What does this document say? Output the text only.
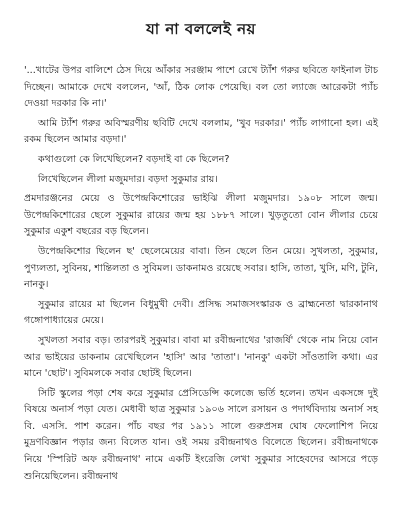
যা না বললেই নয়

'...খাটের উপর বালিশে ঠেস দিয়ে আঁকার সরঞ্জাম পাশে রেখে ট্যাঁশ গরুর ছবিতে ফাইনাল টাচ দিচ্ছেন। আমাকে দেখে বললেন, 'আঁ, ঠিক লোক পেয়েছি। বল তো ল্যাজে আরেকটা প্যাঁচ দেওয়া দরকার কি না।'

আমি ট্যাঁশ গরুর অবিস্মরণীয় ছবিটি দেখে বললাম, 'খুব দরকার।' প্যাঁচ লাগানো হল। এই রকম ছিলেন আমার বড়দা।'

কথাগুলো কে লিখেছিলেন? বড়দাই বা কে ছিলেন?

লিখেছিলেন লীলা মজুমদার। বড়দা সুকুমার রায়।

প্রমদারঞ্জনের মেয়ে ও উপেন্দ্রকিশোরের ভাইঝি লীলা মজুমদার। ১৯০৮ সালে জন্ম। উপেন্দ্রকিশোরের ছেলে সুকুমার রায়ের জন্ম হয় ১৮৮৭ সালে। খুড়তুতো বোন লীলার চেয়ে সুকুমার একুশ বছরের বড় ছিলেন।

উপেন্দ্রকিশোর ছিলেন ছ' ছেলেমেয়ের বাবা। তিন ছেলে তিন মেয়ে। সুখলতা, সুকুমার, পুণ্যলতা, সুবিনয়, শান্তিলতা ও সুবিমল। ডাকনামও রয়েছে সবার। হাসি, তাতা, খুসি, মণি, টুনি, নানকু।

সুকুমার রায়ের মা ছিলেন বিধুমুখী দেবী। প্রসিদ্ধ সমাজসংস্কারক ও ব্রাহ্মনেতা দ্বারকানাথ গঙ্গোপাধ্যায়ের মেয়ে।

সুখলতা সবার বড়। তারপরই সুকুমার। বাবা মা রবীন্দ্রনাথের 'রাজর্ষি' থেকে নাম নিয়ে বোন আর ভাইয়ের ডাকনাম রেখেছিলেন 'হাসি' আর 'তাতা'। 'নানকু' একটা সাঁওতালি কথা। এর মানে 'ছোট'। সুবিমলকে সবার ছোটই ছিলেন।

সিটি স্কুলের পড়া শেষ করে সুকুমার প্রেসিডেন্সি কলেজে ভর্তি হলেন। তখন একসঙ্গে দুই বিষয়ে অনার্স পড়া যেত। মেধাবী ছাত্র সুকুমার ১৯০৬ সালে রসায়ন ও পদার্থবিদ্যায় অনার্স সহ বি. এসসি. পাশ করেন। পাঁচ বছর পর ১৯১১ সালে গুরুপ্রসন্ন ঘোষ ফেলোশিপ নিয়ে মুদ্রণবিজ্ঞান পড়ার জন্য বিলেত যান। ওই সময় রবীন্দ্রনাথও বিলেতে ছিলেন। রবীন্দ্রনাথকে নিয়ে 'স্পিরিট অফ রবীন্দ্রনাথ' নামে একটি ইংরেজি লেখা সুকুমার সাহেবদের আসরে পড়ে শুনিয়েছিলেন। রবীন্দ্রনাথ
